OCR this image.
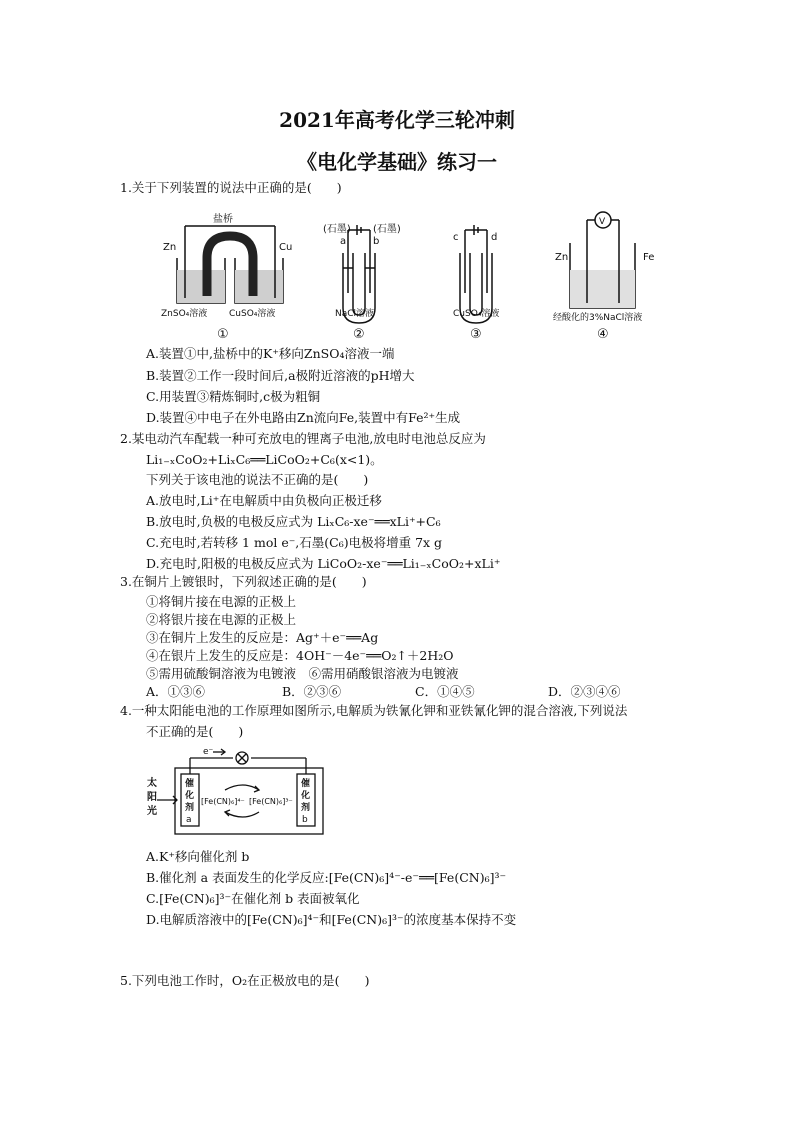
2021年高考化学三轮冲刺
《电化学基础》练习一
1.关于下列装置的说法中正确的是(　　)
盐桥
Zn	Cu
ZnSO₄溶液 CuSO₄溶液
(石墨) (石墨)
a	b
NaCl溶液
c	d
CuSO₄溶液
V
Zn	Fe
经酸化的3%NaCl溶液
①	②	③	④
A.装置①中,盐桥中的K⁺移向ZnSO₄溶液一端
B.装置②工作一段时间后,a极附近溶液的pH增大
C.用装置③精炼铜时,c极为粗铜
D.装置④中电子在外电路由Zn流向Fe,装置中有Fe²⁺生成
2.某电动汽车配载一种可充放电的锂离子电池,放电时电池总反应为
Li₁₋ₓCoO₂+LiₓC₆══LiCoO₂+C₆(x<1)。
下列关于该电池的说法不正确的是(　　)
A.放电时,Li⁺在电解质中由负极向正极迁移
B.放电时,负极的电极反应式为 LiₓC₆-xe⁻══xLi⁺+C₆
C.充电时,若转移 1 mol e⁻,石墨(C₆)电极将增重 7x g
D.充电时,阳极的电极反应式为 LiCoO₂-xe⁻══Li₁₋ₓCoO₂+xLi⁺
3.在铜片上镀银时，下列叙述正确的是(　　)
①将铜片接在电源的正极上
②将银片接在电源的正极上
③在铜片上发生的反应是：Ag⁺＋e⁻══Ag
④在银片上发生的反应是：4OH⁻－4e⁻══O₂↑＋2H₂O
⑤需用硫酸铜溶液为电镀液　⑥需用硝酸银溶液为电镀液
A．①③⑥	B．②③⑥	C．①④⑤	D．②③④⑥
4.一种太阳能电池的工作原理如图所示,电解质为铁氰化钾和亚铁氰化钾的混合溶液,下列说法
不正确的是(　　)
e⁻
太
阳
光
催
化
剂
a
催
化
剂
b
[Fe(CN)₆]⁴⁻ [Fe(CN)₆]³⁻
A.K⁺移向催化剂 b
B.催化剂 a 表面发生的化学反应:[Fe(CN)₆]⁴⁻-e⁻══[Fe(CN)₆]³⁻
C.[Fe(CN)₆]³⁻在催化剂 b 表面被氧化
D.电解质溶液中的[Fe(CN)₆]⁴⁻和[Fe(CN)₆]³⁻的浓度基本保持不变
5.下列电池工作时，O₂在正极放电的是(　　)
